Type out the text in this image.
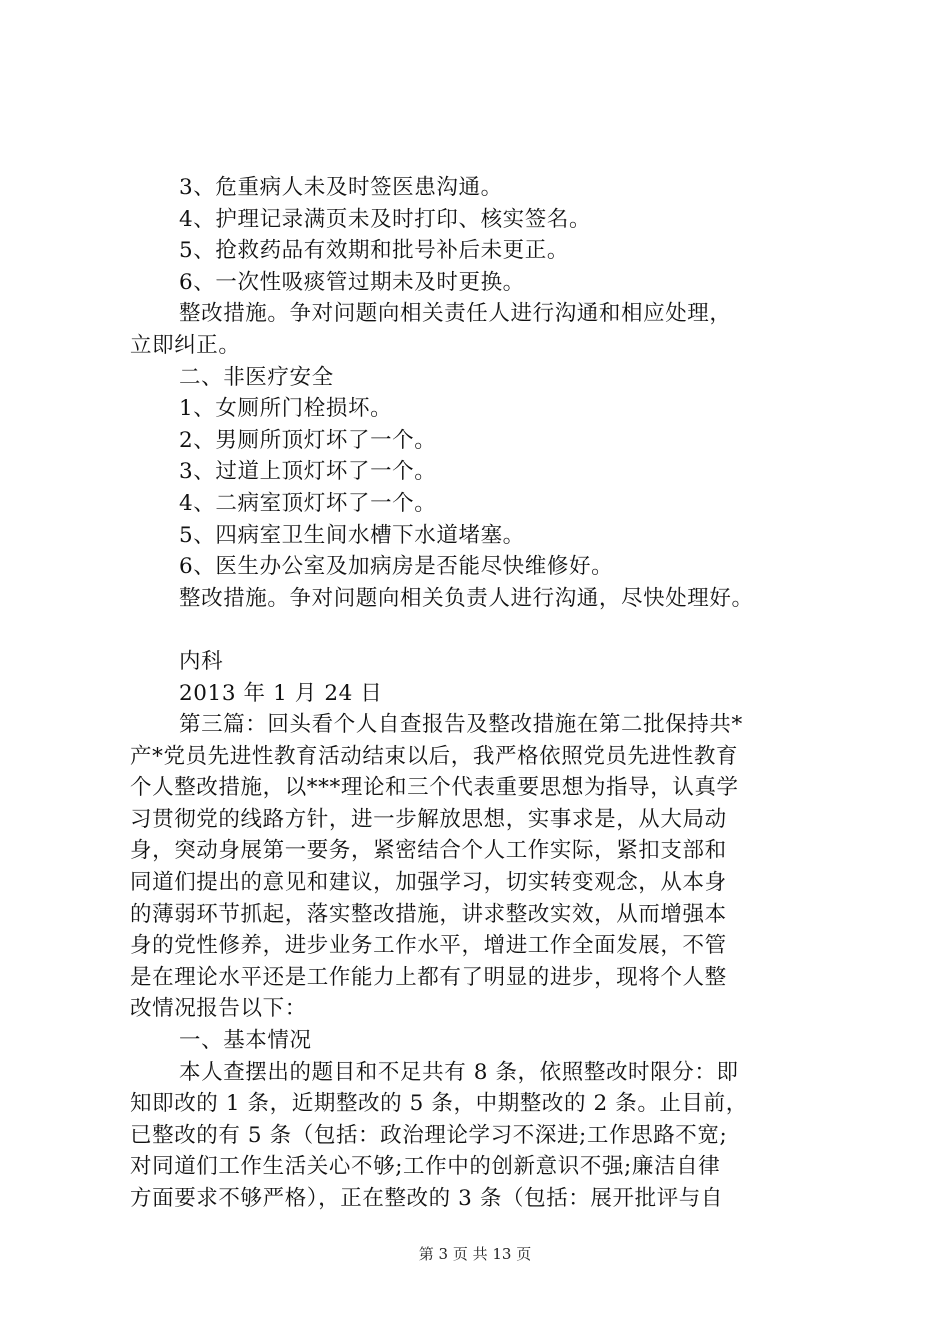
3、危重病人未及时签医患沟通。
4、护理记录满页未及时打印、核实签名。
5、抢救药品有效期和批号补后未更正。
6、一次性吸痰管过期未及时更换。
整改措施。争对问题向相关责任人进行沟通和相应处理，
立即纠正。
二、非医疗安全
1、女厕所门栓损坏。
2、男厕所顶灯坏了一个。
3、过道上顶灯坏了一个。
4、二病室顶灯坏了一个。
5、四病室卫生间水槽下水道堵塞。
6、医生办公室及加病房是否能尽快维修好。
整改措施。争对问题向相关负责人进行沟通，尽快处理好。
内科
2013 年 1 月 24 日
第三篇：回头看个人自查报告及整改措施在第二批保持共*
产*党员先进性教育活动结束以后，我严格依照党员先进性教育
个人整改措施，以***理论和三个代表重要思想为指导，认真学
习贯彻党的线路方针，进一步解放思想，实事求是，从大局动
身，突动身展第一要务，紧密结合个人工作实际，紧扣支部和
同道们提出的意见和建议，加强学习，切实转变观念，从本身
的薄弱环节抓起，落实整改措施，讲求整改实效，从而增强本
身的党性修养，进步业务工作水平，增进工作全面发展，不管
是在理论水平还是工作能力上都有了明显的进步，现将个人整
改情况报告以下：
一、基本情况
本人查摆出的题目和不足共有 8 条，依照整改时限分：即
知即改的 1 条，近期整改的 5 条，中期整改的 2 条。止目前，
已整改的有 5 条（包括：政治理论学习不深进;工作思路不宽;
对同道们工作生活关心不够;工作中的创新意识不强;廉洁自律
方面要求不够严格），正在整改的 3 条（包括：展开批评与自
第 3 页 共 13 页
